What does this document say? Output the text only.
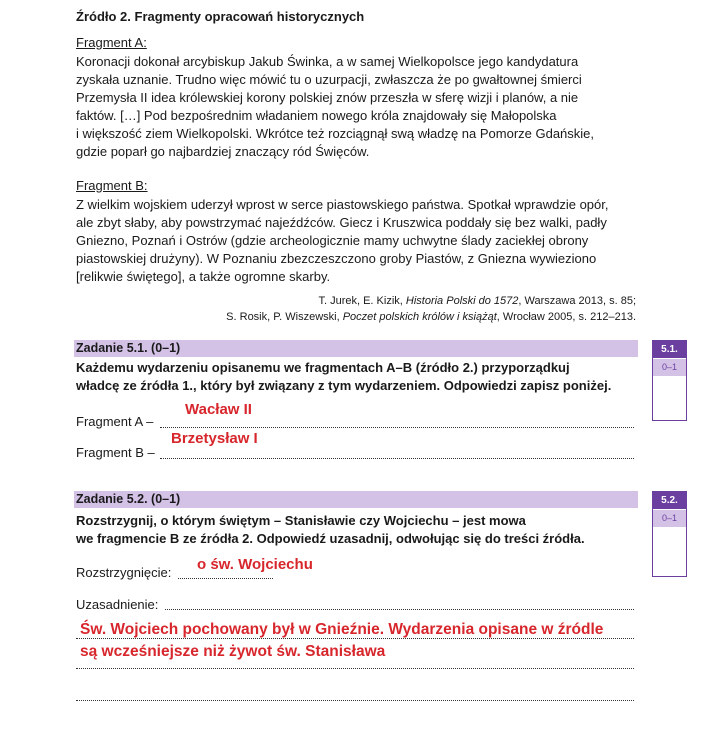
Źródło 2. Fragmenty opracowań historycznych
Fragment A:
Koronacji dokonał arcybiskup Jakub Świnka, a w samej Wielkopolsce jego kandydatura
zyskała uznanie. Trudno więc mówić tu o uzurpacji, zwłaszcza że po gwałtownej śmierci
Przemysła II idea królewskiej korony polskiej znów przeszła w sferę wizji i planów, a nie
faktów. […] Pod bezpośrednim władaniem nowego króla znajdowały się Małopolska
i większość ziem Wielkopolski. Wkrótce też rozciągnął swą władzę na Pomorze Gdańskie,
gdzie poparł go najbardziej znaczący ród Święców.
Fragment B:
Z wielkim wojskiem uderzył wprost w serce piastowskiego państwa. Spotkał wprawdzie opór,
ale zbyt słaby, aby powstrzymać najeźdźców. Giecz i Kruszwica poddały się bez walki, padły
Gniezno, Poznań i Ostrów (gdzie archeologicznie mamy uchwytne ślady zaciekłej obrony
piastowskiej drużyny). W Poznaniu zbezczeszczono groby Piastów, z Gniezna wywieziono
[relikwie świętego], a także ogromne skarby.
T. Jurek, E. Kizik, Historia Polski do 1572, Warszawa 2013, s. 85;
S. Rosik, P. Wiszewski, Poczet polskich królów i książąt, Wrocław 2005, s. 212–213.
Zadanie 5.1. (0–1)
Każdemu wydarzeniu opisanemu we fragmentach A–B (źródło 2.) przyporządkuj
władcę ze źródła 1., który był związany z tym wydarzeniem. Odpowiedzi zapisz poniżej.
5.1.
0–1
Wacław II
Fragment A –
Brzetysław I
Fragment B –
Zadanie 5.2. (0–1)
Rozstrzygnij, o którym świętym – Stanisławie czy Wojciechu – jest mowa
we fragmencie B ze źródła 2. Odpowiedź uzasadnij, odwołując się do treści źródła.
5.2.
0–1
Rozstrzygnięcie: o św. Wojciechu
Uzasadnienie:
Św. Wojciech pochowany był w Gnieźnie. Wydarzenia opisane w źródle
są wcześniejsze niż żywot św. Stanisława
